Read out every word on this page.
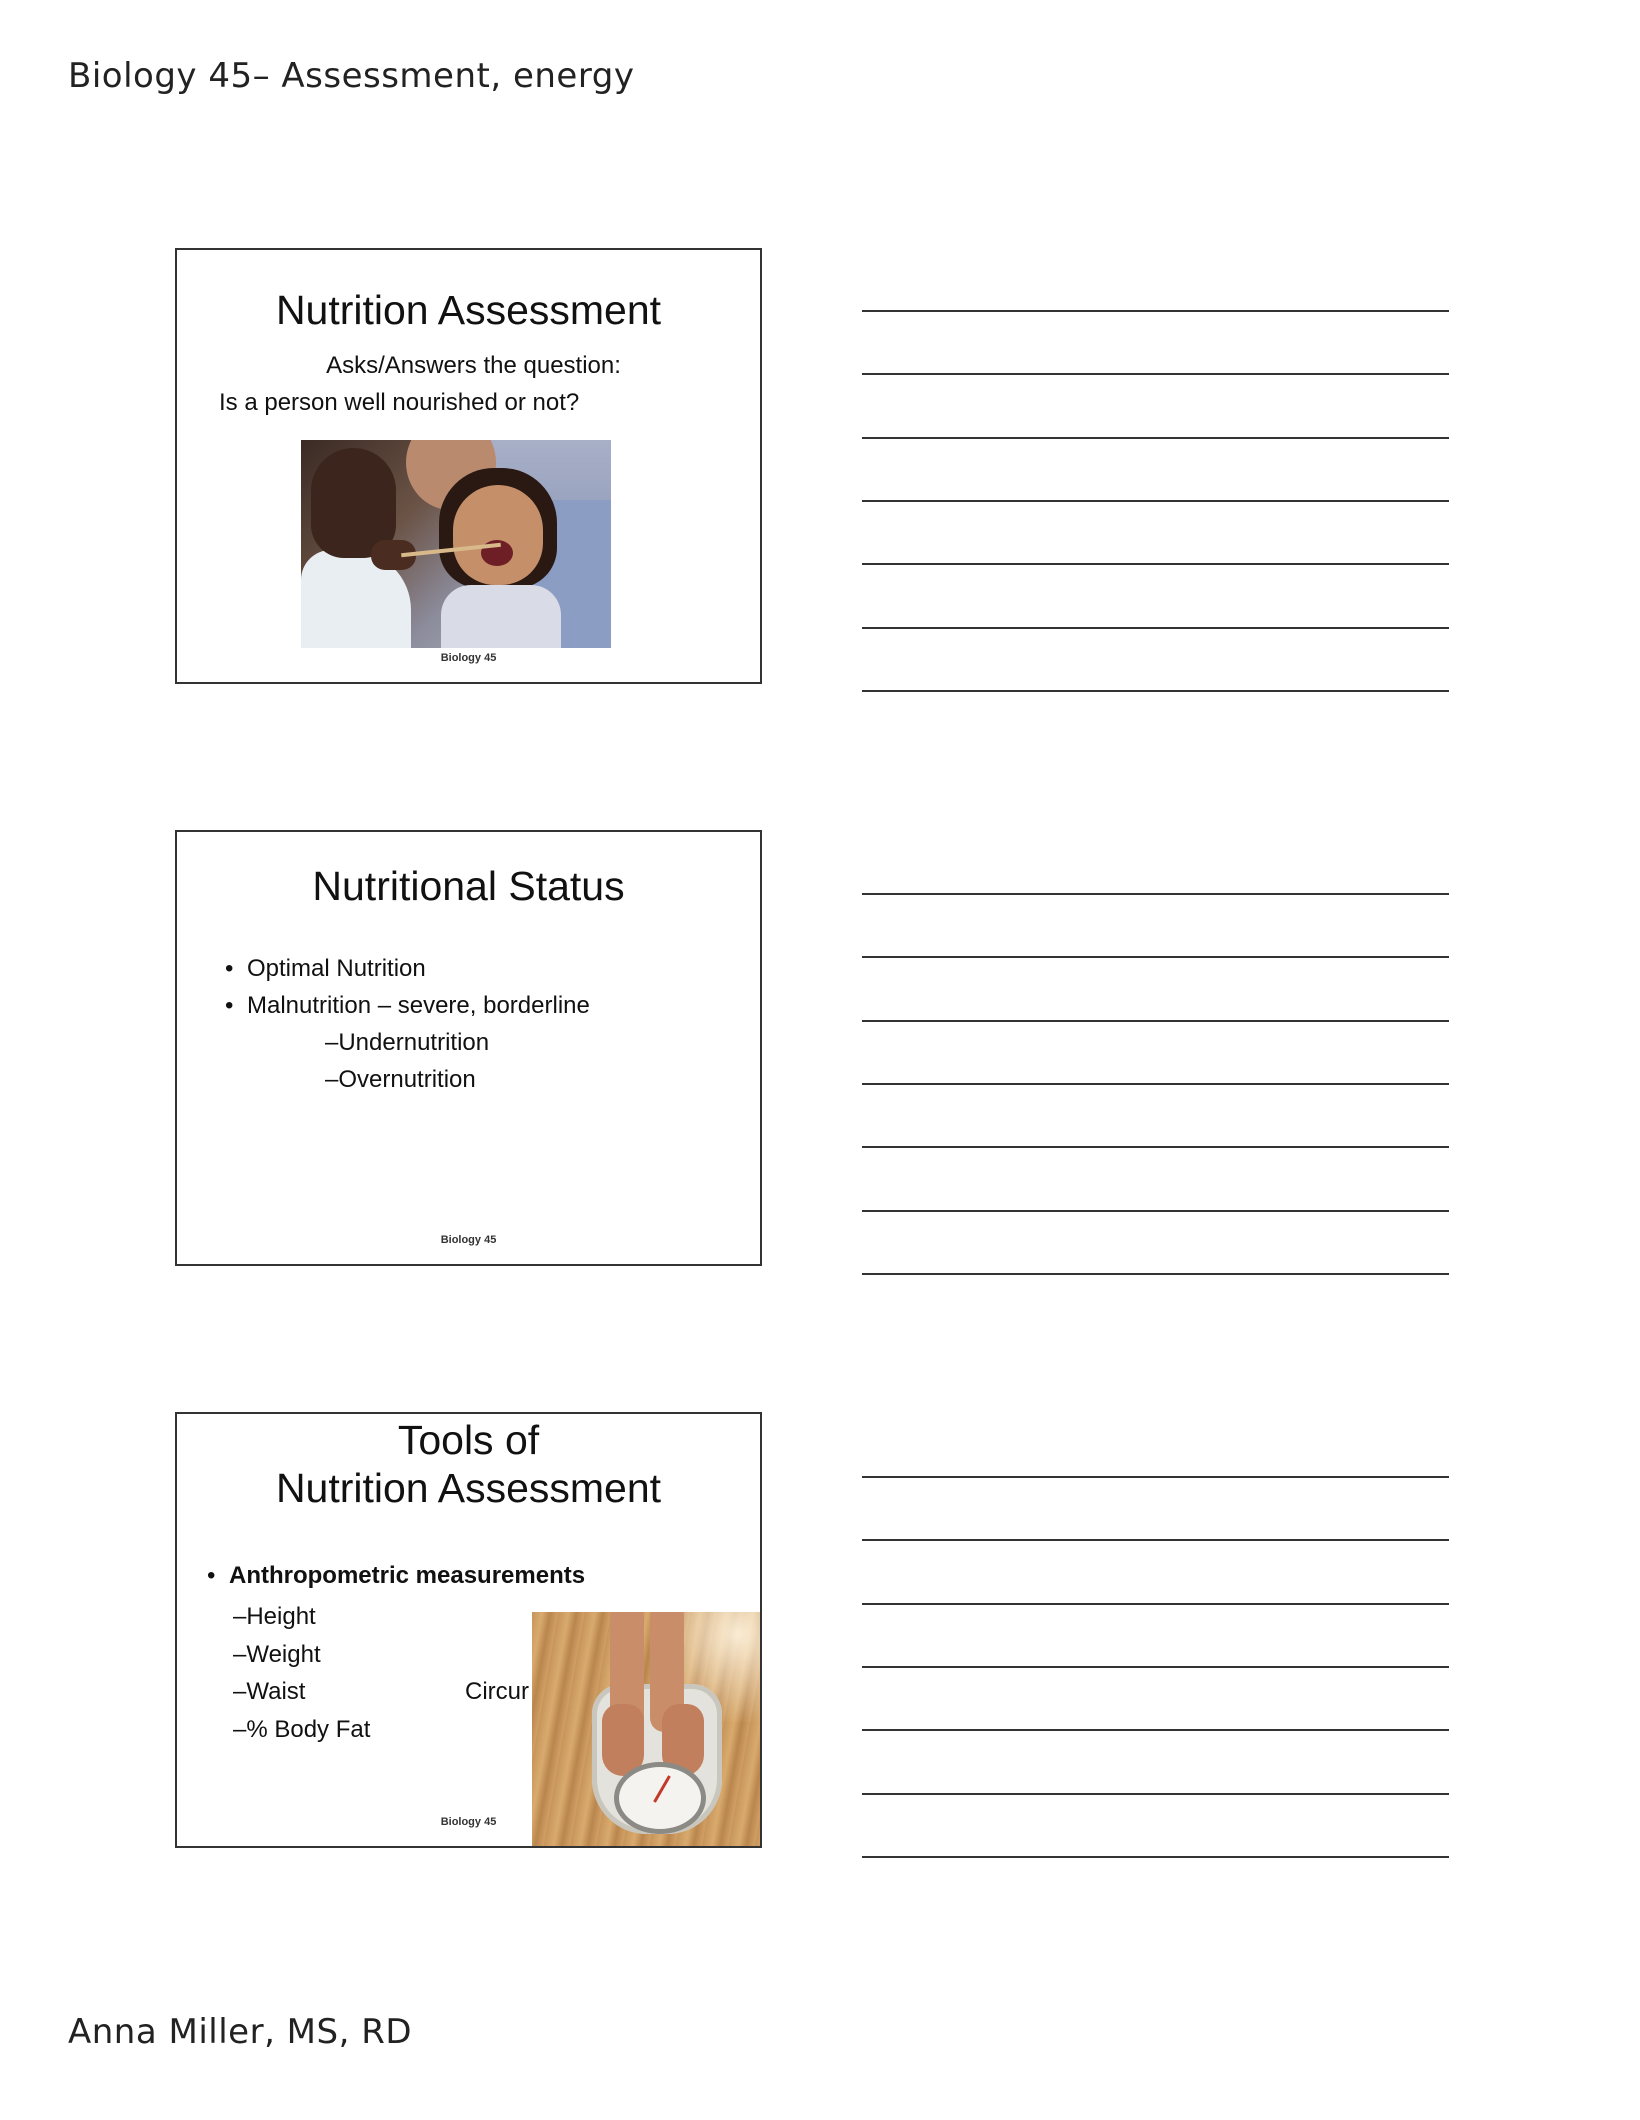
Biology 45– Assessment, energy
Nutrition Assessment
Asks/Answers the question:
Is a person well nourished or not?
Biology 45
Nutritional Status
• Optimal Nutrition
• Malnutrition – severe, borderline
–Undernutrition
–Overnutrition
Biology 45
Tools of
Nutrition Assessment
• Anthropometric measurements
–Height
–Weight
–Waist
–% Body Fat
Circur
Biology 45
Anna Miller, MS, RD
